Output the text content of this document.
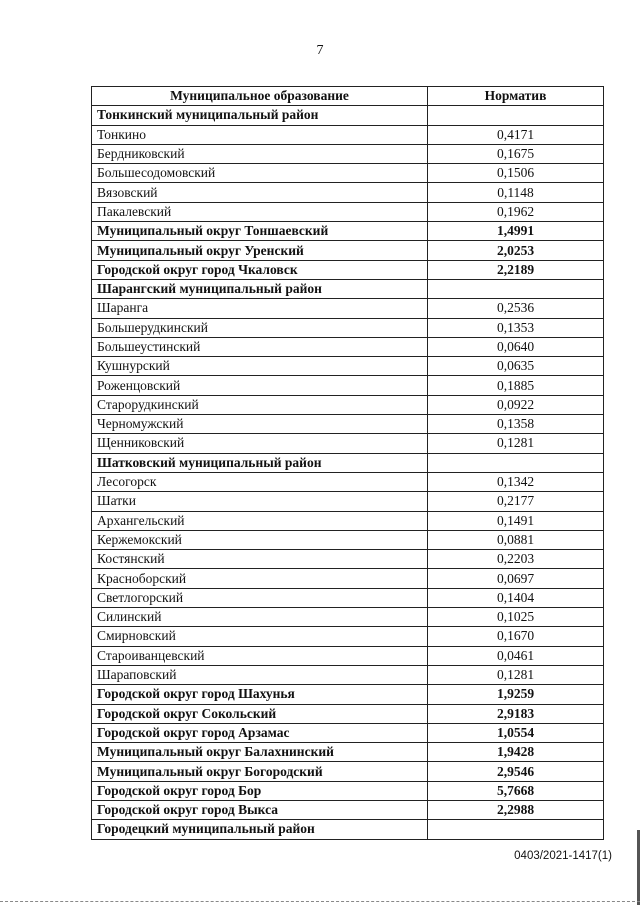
7
Муниципальное образование	Норматив
Тонкинский муниципальный район	
Тонкино	0,4171
Бердниковский	0,1675
Большесодомовский	0,1506
Вязовский	0,1148
Пакалевский	0,1962
Муниципальный округ Тоншаевский	1,4991
Муниципальный округ Уренский	2,0253
Городской округ город Чкаловск	2,2189
Шарангский муниципальный район	
Шаранга	0,2536
Большерудкинский	0,1353
Большеустинский	0,0640
Кушнурский	0,0635
Роженцовский	0,1885
Старорудкинский	0,0922
Черномужский	0,1358
Щенниковский	0,1281
Шатковский муниципальный район	
Лесогорск	0,1342
Шатки	0,2177
Архангельский	0,1491
Кержемокский	0,0881
Костянский	0,2203
Красноборский	0,0697
Светлогорский	0,1404
Силинский	0,1025
Смирновский	0,1670
Староиванцевский	0,0461
Шараповский	0,1281
Городской округ город Шахунья	1,9259
Городской округ Сокольский	2,9183
Городской округ город Арзамас	1,0554
Муниципальный округ Балахнинский	1,9428
Муниципальный округ Богородский	2,9546
Городской округ город Бор	5,7668
Городской округ город Выкса	2,2988
Городецкий муниципальный район	
0403/2021-1417(1)
